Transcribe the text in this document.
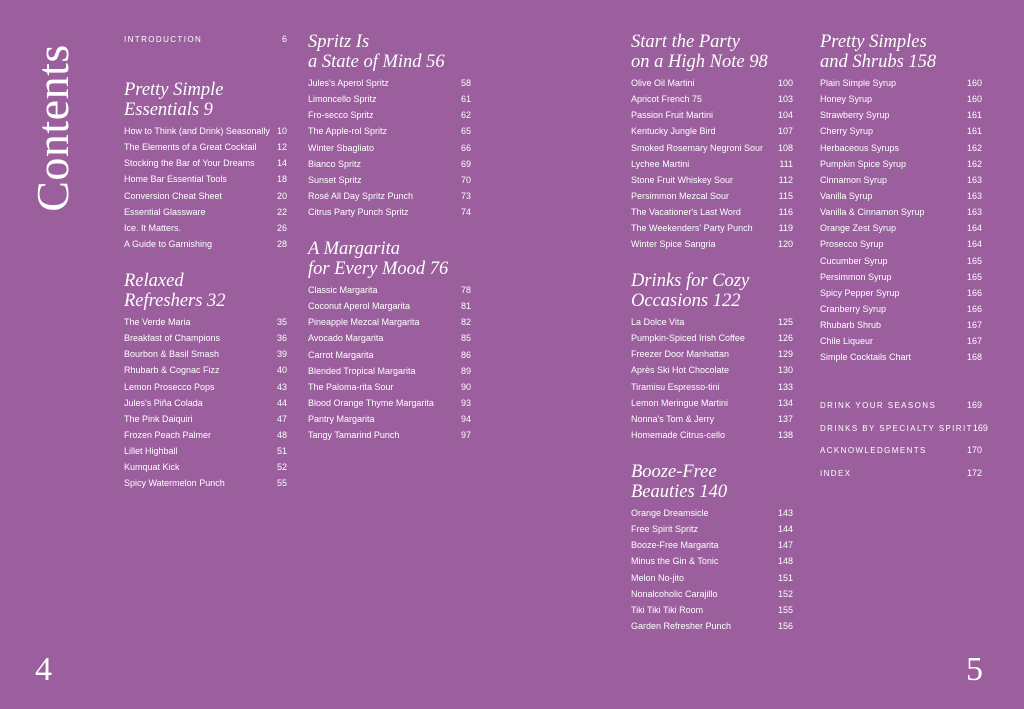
Contents
4	5
INTRODUCTION	6
Pretty Simple
Essentials 9
How to Think (and Drink) Seasonally 10
The Elements of a Great Cocktail	12
Stocking the Bar of Your Dreams	14
Home Bar Essential Tools	18
Conversion Cheat Sheet	20
Essential Glassware	22
Ice. It Matters.	26
A Guide to Garnishing	28
Relaxed
Refreshers 32
The Verde Maria	35
Breakfast of Champions	36
Bourbon & Basil Smash	39
Rhubarb & Cognac Fizz	40
Lemon Prosecco Pops	43
Jules's Piña Colada	44
The Pink Daiquiri	47
Frozen Peach Palmer	48
Lillet Highball	51
Kumquat Kick	52
Spicy Watermelon Punch	55
Spritz Is
a State of Mind 56
Jules's Aperol Spritz	58
Limoncello Spritz	61
Fro-secco Spritz	62
The Apple-rol Spritz	65
Winter Sbagliato	66
Bianco Spritz	69
Sunset Spritz	70
Rosé All Day Spritz Punch	73
Citrus Party Punch Spritz	74
A Margarita
for Every Mood 76
Classic Margarita	78
Coconut Aperol Margarita	81
Pineapple Mezcal Margarita	82
Avocado Margarita	85
Carrot Margarita	86
Blended Tropical Margarita	89
The Paloma-rita Sour	90
Blood Orange Thyme Margarita	93
Pantry Margarita	94
Tangy Tamarind Punch	97
Start the Party
on a High Note 98
Olive Oil Martini	100
Apricot French 75	103
Passion Fruit Martini	104
Kentucky Jungle Bird	107
Smoked Rosemary Negroni Sour	108
Lychee Martini	111
Stone Fruit Whiskey Sour	112
Persimmon Mezcal Sour	115
The Vacationer's Last Word	116
The Weekenders' Party Punch	119
Winter Spice Sangria	120
Drinks for Cozy
Occasions 122
La Dolce Vita	125
Pumpkin-Spiced Irish Coffee	126
Freezer Door Manhattan	129
Après Ski Hot Chocolate	130
Tiramisu Espresso-tini	133
Lemon Meringue Martini	134
Nonna's Tom & Jerry	137
Homemade Citrus-cello	138
Booze-Free
Beauties 140
Orange Dreamsicle	143
Free Spirit Spritz	144
Booze-Free Margarita	147
Minus the Gin & Tonic	148
Melon No-jito	151
Nonalcoholic Carajillo	152
Tiki Tiki Tiki Room	155
Garden Refresher Punch	156
Pretty Simples
and Shrubs 158
Plain Simple Syrup	160
Honey Syrup	160
Strawberry Syrup	161
Cherry Syrup	161
Herbaceous Syrups	162
Pumpkin Spice Syrup	162
Cinnamon Syrup	163
Vanilla Syrup	163
Vanilla & Cinnamon Syrup	163
Orange Zest Syrup	164
Prosecco Syrup	164
Cucumber Syrup	165
Persimmon Syrup	165
Spicy Pepper Syrup	166
Cranberry Syrup	166
Rhubarb Shrub	167
Chile Liqueur	167
Simple Cocktails Chart	168
DRINK YOUR SEASONS	169
DRINKS BY SPECIALTY SPIRIT 169
ACKNOWLEDGMENTS	170
INDEX	172
